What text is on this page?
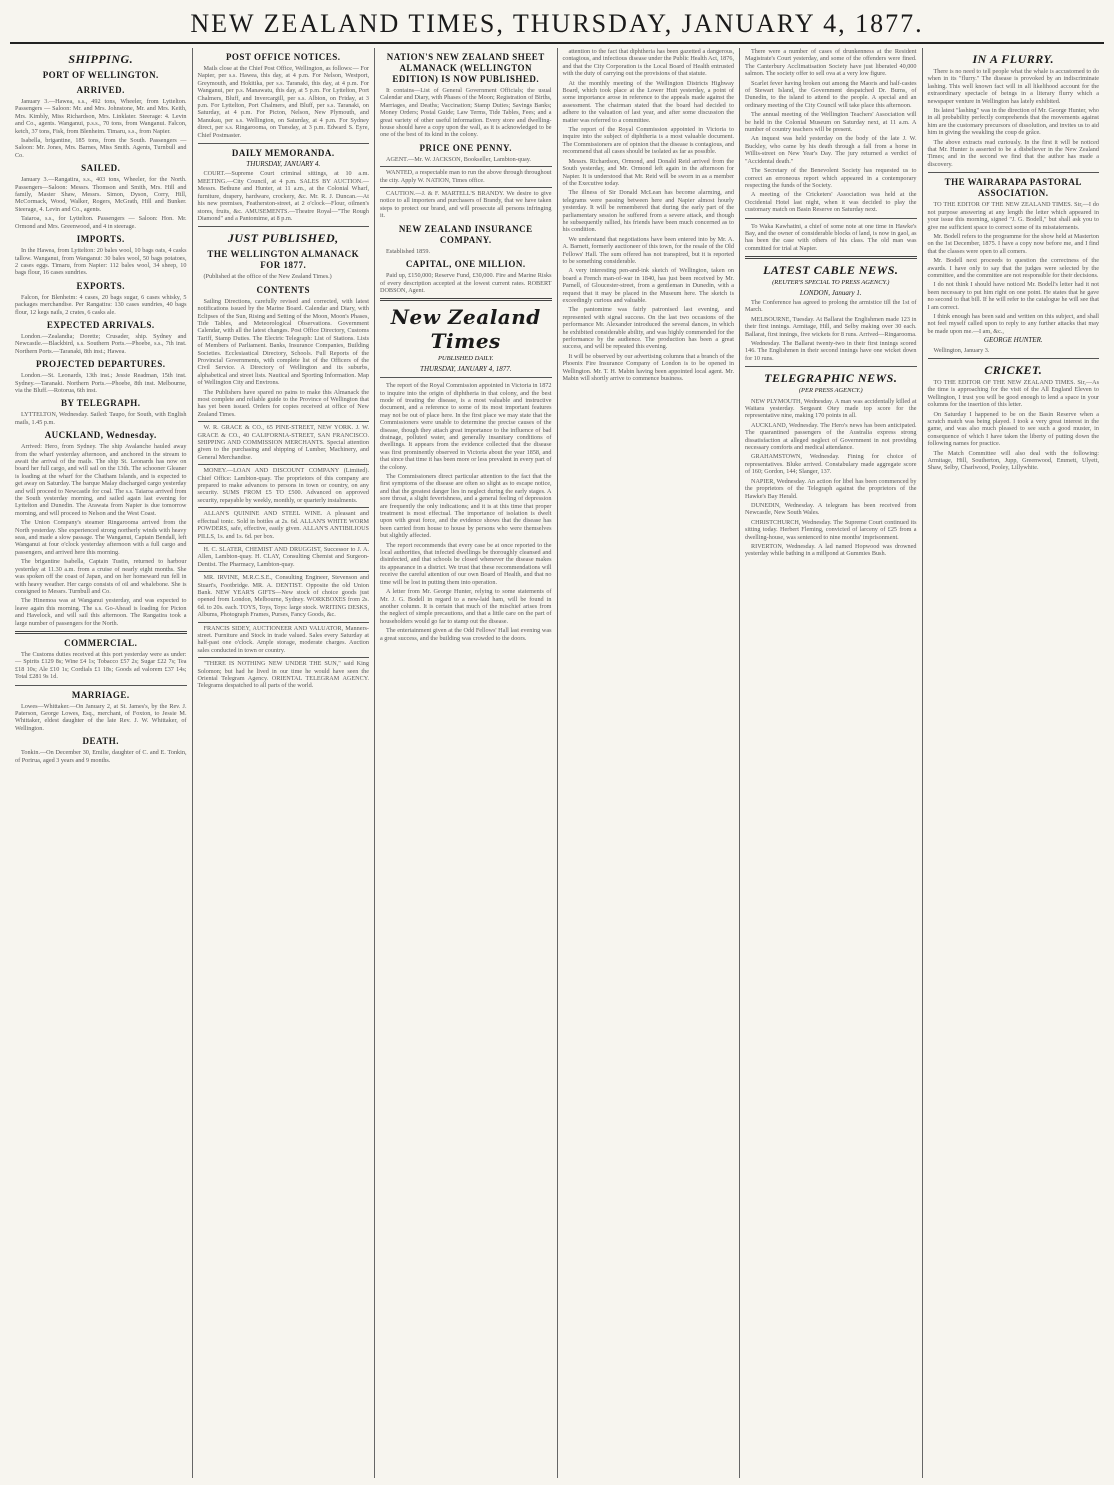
NEW ZEALAND TIMES, THURSDAY, JANUARY 4, 1877.
SHIPPING.
PORT OF WELLINGTON.
ARRIVED.

January 3.—Hawea, s.s., 492 tons, Wheeler, from Lyttelton. Passengers — Saloon: Mr. and Mrs. Johnstone, Mr. and Mrs. Keith, Mrs. Kimbly, Miss Richardson, Mrs. Linklater. Steerage: 4. Levin and Co., agents. Wanganui, p.s.s., 70 tons, from Wanganui. Falcon, ketch, 37 tons, Fisk, from Blenheim. Timaru, s.s., from Napier.

Isabella, brigantine, 185 tons, from the South. Passengers — Saloon: Mr. Jones, Mrs. Barnes, Miss Smith. Agents, Turnbull and Co.

SAILED.

January 3.—Rangatira, s.s., 403 tons, Wheeler, for the North. Passengers—Saloon: Messrs. Thomson and Smith, Mrs. Hill and family, Master Shaw, Messrs. Simon, Dyson, Corry, Hill, McCormack, Wood, Walker, Rogers, McGrath, Hill and Bunker. Steerage, 4. Levin and Co., agents.

Taiaroa, s.s., for Lyttelton. Passengers — Saloon: Hon. Mr. Ormond and Mrs. Greenwood, and 4 in steerage.

IMPORTS.

In the Hawea, from Lyttelton: 20 bales wool, 10 bags oats, 4 casks tallow. Wanganui, from Wanganui: 30 bales wool, 50 bags potatoes, 2 cases eggs. Timaru, from Napier: 112 bales wool, 34 sheep, 10 bags flour, 16 cases sundries.

EXPORTS.

Falcon, for Blenheim: 4 cases, 20 bags sugar, 6 cases whisky, 5 packages merchandise. Per Rangatira: 130 cases sundries, 40 bags flour, 12 kegs nails, 2 crates, 6 casks ale.

EXPECTED ARRIVALS.

London.—Zealandia; Dorette; Crusader, ship. Sydney and Newcastle.—Blackbird, s.s. Southern Ports.—Phoebe, s.s., 7th inst. Northern Ports.—Taranaki, 8th inst.; Hawea.

PROJECTED DEPARTURES.

London.—St. Leonards, 13th inst.; Jessie Readman, 15th inst. Sydney.—Taranaki. Northern Ports.—Phoebe, 8th inst. Melbourne, via the Bluff.—Rotorua, 6th inst.

BY TELEGRAPH.

LYTTELTON, Wednesday. Sailed: Taupo, for South, with English mails, 1.45 p.m.

AUCKLAND, Wednesday.

Arrived: Hero, from Sydney. The ship Avalanche hauled away from the wharf yesterday afternoon, and anchored in the stream to await the arrival of the mails. The ship St. Leonards has now on board her full cargo, and will sail on the 13th. The schooner Gleaner is loading at the wharf for the Chatham Islands, and is expected to get away on Saturday. The barque Malay discharged cargo yesterday and will proceed to Newcastle for coal. The s.s. Taiaroa arrived from the South yesterday morning, and sailed again last evening for Lyttelton and Dunedin. The Arawata from Napier is due tomorrow morning, and will proceed to Nelson and the West Coast.

The Union Company's steamer Ringarooma arrived from the North yesterday. She experienced strong northerly winds with heavy seas, and made a slow passage. The Wanganui, Captain Bendall, left Wanganui at four o'clock yesterday afternoon with a full cargo and passengers, and arrived here this morning.

The brigantine Isabella, Captain Tustin, returned to harbour yesterday at 11.30 a.m. from a cruise of nearly eight months. She was spoken off the coast of Japan, and on her homeward run fell in with heavy weather. Her cargo consists of oil and whalebone. She is consigned to Messrs. Turnbull and Co.

The Hinemoa was at Wanganui yesterday, and was expected to leave again this morning. The s.s. Go-Ahead is loading for Picton and Havelock, and will sail this afternoon. The Rangatira took a large number of passengers for the North.

COMMERCIAL.

The Customs duties received at this port yesterday were as under:— Spirits £129 8s; Wine £4 1s; Tobacco £57 2s; Sugar £22 7s; Tea £18 10s; Ale £10 1s; Cordials £1 18s; Goods ad valorem £37 14s; Total £281 9s 1d.

MARRIAGE.

Lowes—Whittaker.—On January 2, at St. James's, by the Rev. J. Paterson, George Lowes, Esq., merchant, of Foxton, to Jessie M. Whittaker, eldest daughter of the late Rev. J. W. Whittaker, of Wellington.

DEATH.

Tonkin.—On December 30, Emilie, daughter of C. and E. Tonkin, of Porirua, aged 3 years and 9 months.

POST OFFICE NOTICES.

Mails close at the Chief Post Office, Wellington, as follows:— For Napier, per s.s. Hawea, this day, at 4 p.m. For Nelson, Westport, Greymouth, and Hokitika, per s.s. Taranaki, this day, at 4 p.m. For Wanganui, per p.s. Manawatu, this day, at 5 p.m. For Lyttelton, Port Chalmers, Bluff, and Invercargill, per s.s. Albion, on Friday, at 3 p.m. For Lyttelton, Port Chalmers, and Bluff, per s.s. Taranaki, on Saturday, at 4 p.m. For Picton, Nelson, New Plymouth, and Manukau, per s.s. Wellington, on Saturday, at 4 p.m. For Sydney direct, per s.s. Ringarooma, on Tuesday, at 3 p.m. Edward S. Eyre, Chief Postmaster.

DAILY MEMORANDA.
THURSDAY, JANUARY 4.

COURT.—Supreme Court criminal sittings, at 10 a.m. MEETING.—City Council, at 4 p.m. SALES BY AUCTION.—Messrs. Bethune and Hunter, at 11 a.m., at the Colonial Wharf, furniture, drapery, hardware, crockery, &c. Mr. R. J. Duncan.—At his new premises, Featherston-street, at 2 o'clock—Flour, oilmen's stores, fruits, &c. AMUSEMENTS.—Theatre Royal—"The Rough Diamond" and a Pantomime, at 8 p.m.

JUST PUBLISHED,
THE WELLINGTON ALMANACK FOR 1877.

(Published at the office of the New Zealand Times.)

CONTENTS

Sailing Directions, carefully revised and corrected, with latest notifications issued by the Marine Board. Calendar and Diary, with Eclipses of the Sun, Rising and Setting of the Moon, Moon's Phases, Tide Tables, and Meteorological Observations. Government Calendar, with all the latest changes. Post Office Directory, Customs Tariff, Stamp Duties. The Electric Telegraph: List of Stations. Lists of Members of Parliament. Banks, Insurance Companies, Building Societies. Ecclesiastical Directory, Schools. Full Reports of the Provincial Governments, with complete list of the Officers of the Civil Service. A Directory of Wellington and its suburbs, alphabetical and street lists. Nautical and Sporting Information. Map of Wellington City and Environs.

The Publishers have spared no pains to make this Almanack the most complete and reliable guide to the Province of Wellington that has yet been issued. Orders for copies received at office of New Zealand Times.

W. R. GRACE & CO., 65 PINE-STREET, NEW YORK. J. W. GRACE & CO., 40 CALIFORNIA-STREET, SAN FRANCISCO. SHIPPING AND COMMISSION MERCHANTS. Special attention given to the purchasing and shipping of Lumber, Machinery, and General Merchandise.

MONEY.—LOAN AND DISCOUNT COMPANY (Limited). Chief Office: Lambton-quay. The proprietors of this company are prepared to make advances to persons in town or country, on any security. SUMS FROM £5 TO £500. Advanced on approved security, repayable by weekly, monthly, or quarterly instalments.

ALLAN'S QUININE AND STEEL WINE. A pleasant and effectual tonic. Sold in bottles at 2s. 6d. ALLAN'S WHITE WORM POWDERS, safe, effective, easily given. ALLAN'S ANTIBILIOUS PILLS, 1s. and 1s. 6d. per box.

H. C. SLATER, CHEMIST AND DRUGGIST, Successor to J. A. Allen, Lambton-quay. H. CLAY, Consulting Chemist and Surgeon-Dentist. The Pharmacy, Lambton-quay.

MR. IRVINE, M.R.C.S.E., Consulting Engineer, Stevenson and Stuart's, Footbridge. MR. A. DENTIST. Opposite the old Union Bank. NEW YEAR'S GIFTS—New stock of choice goods just opened from London, Melbourne, Sydney. WORKBOXES from 2s. 6d. to 20s. each. TOYS, Toys, Toys: large stock. WRITING DESKS, Albums, Photograph Frames, Purses, Fancy Goods, &c.

FRANCIS SIDEY, AUCTIONEER AND VALUATOR, Manners-street. Furniture and Stock in trade valued. Sales every Saturday at half-past one o'clock. Ample storage, moderate charges. Auction sales conducted in town or country.

"THERE IS NOTHING NEW UNDER THE SUN," said King Solomon; but had he lived in our time he would have seen the Oriental Telegram Agency. ORIENTAL TELEGRAM AGENCY. Telegrams despatched to all parts of the world.

NATION'S NEW ZEALAND SHEET ALMANACK (WELLINGTON EDITION) IS NOW PUBLISHED.

It contains—List of General Government Officials; the usual Calendar and Diary, with Phases of the Moon; Registration of Births, Marriages, and Deaths; Vaccination; Stamp Duties; Savings Banks; Money Orders; Postal Guide; Law Terms, Tide Tables, Fees; and a great variety of other useful information. Every store and dwelling-house should have a copy upon the wall, as it is acknowledged to be one of the best of its kind in the colony.

PRICE ONE PENNY.

AGENT.—Mr. W. JACKSON, Bookseller, Lambton-quay.

WANTED, a respectable man to run the above through throughout the city. Apply W. NATION, Times office.

CAUTION.—J. & F. MARTELL'S BRANDY. We desire to give notice to all importers and purchasers of Brandy, that we have taken steps to protect our brand, and will prosecute all persons infringing it.

NEW ZEALAND INSURANCE COMPANY.

Established 1859.

CAPITAL, ONE MILLION.

Paid up, £150,000; Reserve Fund, £30,000. Fire and Marine Risks of every description accepted at the lowest current rates. ROBERT DOBSON, Agent.

New Zealand Times
PUBLISHED DAILY.
THURSDAY, JANUARY 4, 1877.

The report of the Royal Commission appointed in Victoria in 1872 to inquire into the origin of diphtheria in that colony, and the best mode of treating the disease, is a most valuable and instructive document, and a reference to some of its most important features may not be out of place here. In the first place we may state that the Commissioners were unable to determine the precise causes of the disease, though they attach great importance to the influence of bad drainage, polluted water, and generally insanitary conditions of dwellings. It appears from the evidence collected that the disease was first prominently observed in Victoria about the year 1858, and that since that time it has been more or less prevalent in every part of the colony.

The Commissioners direct particular attention to the fact that the first symptoms of the disease are often so slight as to escape notice, and that the greatest danger lies in neglect during the early stages. A sore throat, a slight feverishness, and a general feeling of depression are frequently the only indications; and it is at this time that proper treatment is most effectual. The importance of isolation is dwelt upon with great force, and the evidence shows that the disease has been carried from house to house by persons who were themselves but slightly affected.

The report recommends that every case be at once reported to the local authorities, that infected dwellings be thoroughly cleansed and disinfected, and that schools be closed whenever the disease makes its appearance in a district. We trust that these recommendations will receive the careful attention of our own Board of Health, and that no time will be lost in putting them into operation.

A letter from Mr. George Hunter, relying to some statements of Mr. J. G. Bodell in regard to a new-laid ham, will be found in another column. It is certain that much of the mischief arises from the neglect of simple precautions, and that a little care on the part of householders would go far to stamp out the disease.

The entertainment given at the Odd Fellows' Hall last evening was a great success, and the building was crowded to the doors.

attention to the fact that diphtheria has been gazetted a dangerous, contagious, and infectious disease under the Public Health Act, 1876, and that the City Corporation is the Local Board of Health entrusted with the duty of carrying out the provisions of that statute.

At the monthly meeting of the Wellington Districts Highway Board, which took place at the Lower Hutt yesterday, a point of some importance arose in reference to the appeals made against the assessment. The chairman stated that the board had decided to adhere to the valuation of last year, and after some discussion the matter was referred to a committee.

The report of the Royal Commission appointed in Victoria to inquire into the subject of diphtheria is a most valuable document. The Commissioners are of opinion that the disease is contagious, and recommend that all cases should be isolated as far as possible.

Messrs. Richardson, Ormond, and Donald Reid arrived from the South yesterday, and Mr. Ormond left again in the afternoon for Napier. It is understood that Mr. Reid will be sworn in as a member of the Executive today.

The illness of Sir Donald McLean has become alarming, and telegrams were passing between here and Napier almost hourly yesterday. It will be remembered that during the early part of the parliamentary session he suffered from a severe attack, and though he subsequently rallied, his friends have been much concerned as to his condition.

We understand that negotiations have been entered into by Mr. A. A. Barnett, formerly auctioneer of this town, for the resale of the Old Fellows' Hall. The sum offered has not transpired, but it is reported to be something considerable.

A very interesting pen-and-ink sketch of Wellington, taken on board a French man-of-war in 1840, has just been received by Mr. Parnell, of Gloucester-street, from a gentleman in Dunedin, with a request that it may be placed in the Museum here. The sketch is exceedingly curious and valuable.

The pantomime was fairly patronised last evening, and represented with signal success. On the last two occasions of the performance Mr. Alexander introduced the several dances, in which he exhibited considerable ability, and was highly commended for the performance by the audience. The production has been a great success, and will be repeated this evening.

It will be observed by our advertising columns that a branch of the Phoenix Fire Insurance Company of London is to be opened in Wellington. Mr. T. H. Mabin having been appointed local agent. Mr. Mabin will shortly arrive to commence business.

There were a number of cases of drunkenness at the Resident Magistrate's Court yesterday, and some of the offenders were fined. The Canterbury Acclimatisation Society have just liberated 40,000 salmon. The society offer to sell ova at a very low figure.

Scarlet fever having broken out among the Maoris and half-castes of Stewart Island, the Government despatched Dr. Burns, of Dunedin, to the island to attend to the people. A special and an ordinary meeting of the City Council will take place this afternoon.

The annual meeting of the Wellington Teachers' Association will be held in the Colonial Museum on Saturday next, at 11 a.m. A number of country teachers will be present.

An inquest was held yesterday on the body of the late J. W. Buckley, who came by his death through a fall from a horse in Willis-street on New Year's Day. The jury returned a verdict of "Accidental death."

The Secretary of the Benevolent Society has requested us to correct an erroneous report which appeared in a contemporary respecting the funds of the Society.

A meeting of the Cricketers' Association was held at the Occidental Hotel last night, when it was decided to play the customary match on Basin Reserve on Saturday next.

To Waka Kawhatini, a chief of some note at one time in Hawke's Bay, and the owner of considerable blocks of land, is now in gaol, as has been the case with others of his class. The old man was committed for trial at Napier.

LATEST CABLE NEWS.
(REUTER'S SPECIAL TO PRESS AGENCY.)
LONDON, January 1.

The Conference has agreed to prolong the armistice till the 1st of March.

MELBOURNE, Tuesday. At Ballarat the Englishmen made 123 in their first innings. Armitage, Hill, and Selby making over 30 each. Ballarat, first innings, five wickets for 8 runs. Arrived—Ringarooma.

Wednesday. The Ballarat twenty-two in their first innings scored 146. The Englishmen in their second innings have one wicket down for 10 runs.

TELEGRAPHIC NEWS.
(PER PRESS AGENCY.)

NEW PLYMOUTH, Wednesday. A man was accidentally killed at Waitara yesterday. Sergeant Otey made top score for the representative nine, making 170 points in all.

AUCKLAND, Wednesday. The Hero's news has been anticipated. The quarantined passengers of the Australia express strong dissatisfaction at alleged neglect of Government in not providing necessary comforts and medical attendance.

GRAHAMSTOWN, Wednesday. Fining for choice of representatives. Bluke arrived. Constabulary made aggregate score of 160; Gordon, 144; Slanger, 137.

NAPIER, Wednesday. An action for libel has been commenced by the proprietors of the Telegraph against the proprietors of the Hawke's Bay Herald.

DUNEDIN, Wednesday. A telegram has been received from Newcastle, New South Wales.

CHRISTCHURCH, Wednesday. The Supreme Court continued its sitting today. Herbert Fleming, convicted of larceny of £25 from a dwelling-house, was sentenced to nine months' imprisonment.

RIVERTON, Wednesday. A lad named Hopwood was drowned yesterday while bathing in a millpond at Gummies Bush.

IN A FLURRY.

There is no need to tell people what the whale is accustomed to do when in its "flurry." The disease is provoked by an indiscriminate lashing. This well known fact will in all likelihood account for the extraordinary spectacle of beings in a literary flurry which a newspaper venture in Wellington has lately exhibited.

Its latest "lashing" was in the direction of Mr. George Hunter, who in all probability perfectly comprehends that the movements against him are the customary precursors of dissolution, and invites us to aid him in giving the weakling the coup de grâce.

The above extracts read curiously. In the first it will be noticed that Mr. Hunter is asserted to be a disbeliever in the New Zealand Times; and in the second we find that the author has made a discovery.

THE WAIRARAPA PASTORAL ASSOCIATION.

TO THE EDITOR OF THE NEW ZEALAND TIMES. Sir,—I do not purpose answering at any length the letter which appeared in your issue this morning, signed "J. G. Bodell," but shall ask you to give me sufficient space to correct some of its misstatements.

Mr. Bodell refers to the programme for the show held at Masterton on the 1st December, 1875. I have a copy now before me, and I find that the classes were open to all comers.

Mr. Bodell next proceeds to question the correctness of the awards. I have only to say that the judges were selected by the committee, and the committee are not responsible for their decisions.

I do not think I should have noticed Mr. Bodell's letter had it not been necessary to put him right on one point. He states that he gave no second to that bill. If he will refer to the catalogue he will see that I am correct.

I think enough has been said and written on this subject, and shall not feel myself called upon to reply to any further attacks that may be made upon me.—I am, &c.,

GEORGE HUNTER.

Wellington, January 3.

CRICKET.

TO THE EDITOR OF THE NEW ZEALAND TIMES. Sir,—As the time is approaching for the visit of the All England Eleven to Wellington, I trust you will be good enough to lend a space in your columns for the insertion of this letter.

On Saturday I happened to be on the Basin Reserve when a scratch match was being played. I took a very great interest in the game, and was also much pleased to see such a good muster, in consequence of which I have taken the liberty of putting down the following names for practice.

The Match Committee will also deal with the following: Armitage, Hill, Southerton, Jupp, Greenwood, Emmett, Ulyett, Shaw, Selby, Charlwood, Pooley, Lillywhite.
